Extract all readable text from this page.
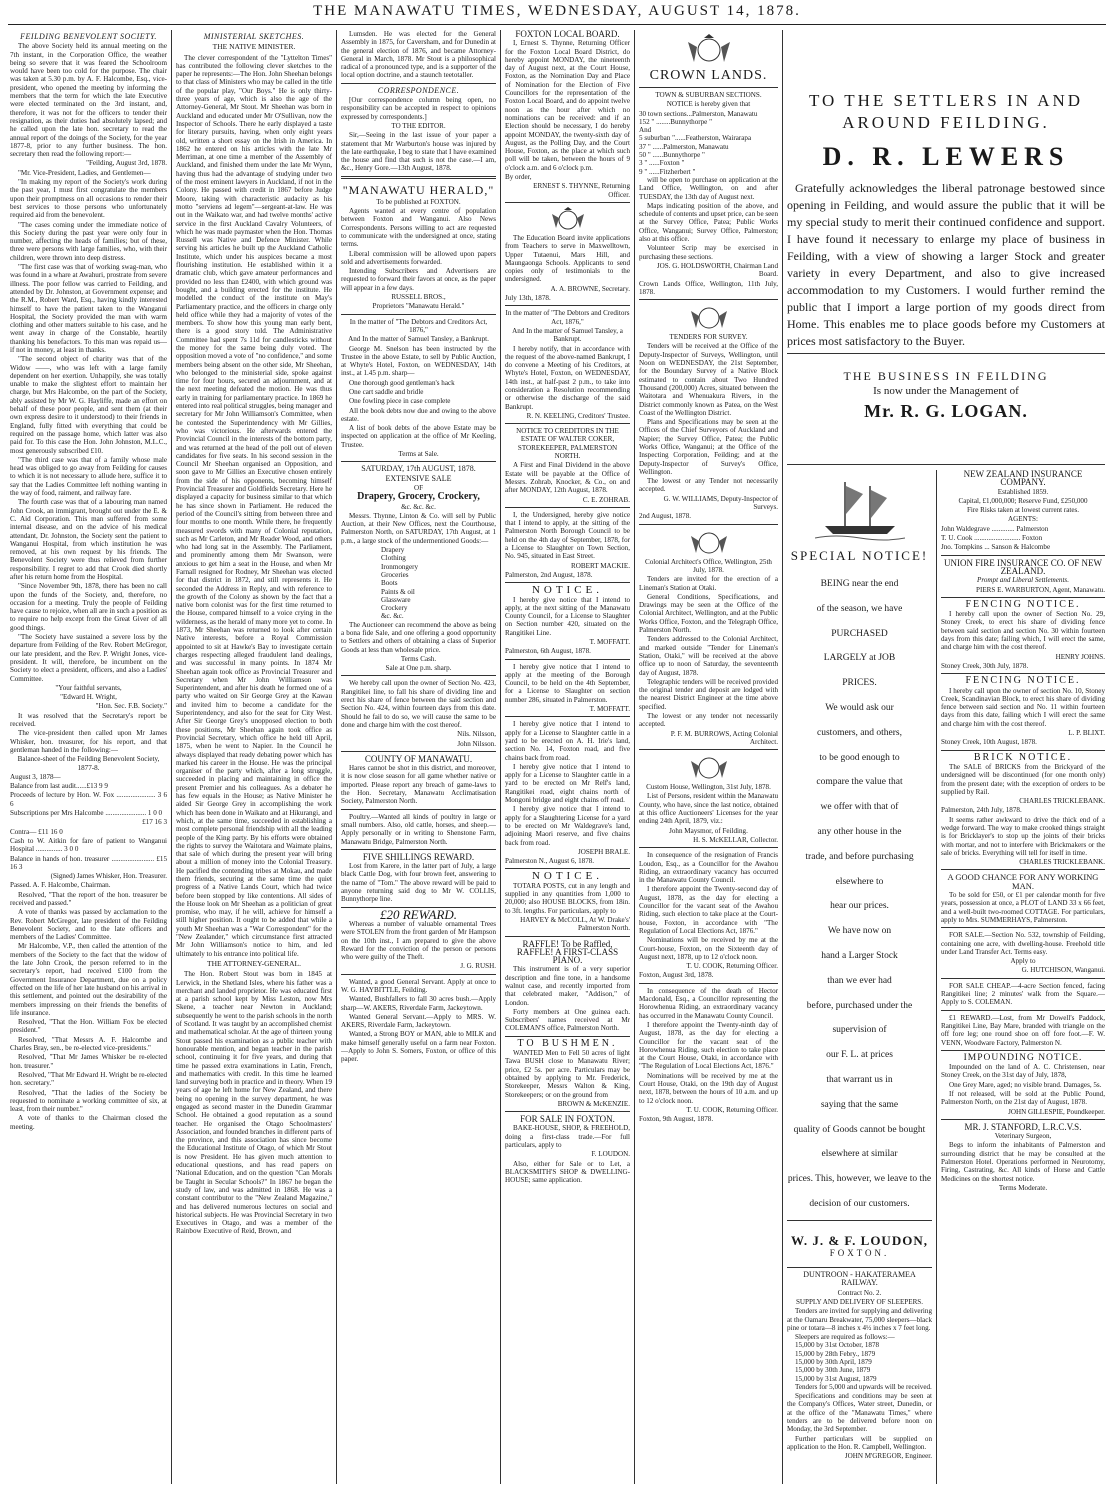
THE MANAWATU TIMES, WEDNESDAY, AUGUST 14, 1878.
FEILDING BENEVOLENT SOCIETY.

The above Society held its annual meeting on the 7th instant, in the Corporation Office, the weather being so severe that it was feared the Schoolroom would have been too cold for the purpose. The chair was taken at 5.30 p.m. by A. F. Halcombe, Esq., vice-president, who opened the meeting by informing the members that the term for which the late Executive were elected terminated on the 3rd instant, and, therefore, it was not for the officers to tender their resignation, as their duties had absolutely lapsed; and he called upon the late hon. secretary to read the annual report of the doings of the Society, for the year 1877-8, prior to any further business. The hon. secretary then read the following report:—

"Feilding, August 3rd, 1878.

"Mr. Vice-President, Ladies, and Gentlemen—

"In making my report of the Society's work during the past year, I must first congratulate the members upon their promptness on all occasions to render their best services to those persons who unfortunately required aid from the benevolent.

"The cases coming under the immediate notice of this Society during the past year were only four in number, affecting the heads of families; but of these, three were persons with large families, who, with their children, were thrown into deep distress.

"The first case was that of working swag-man, who was found in a whare at Awahuri, prostrate from severe illness. The poor fellow was carried to Feilding, and attended by Dr. Johnston, at Government expense; and the R.M., Robert Ward, Esq., having kindly interested himself to have the patient taken to the Wanganui Hospital, the Society provided the man with warm clothing and other matters suitable to his case, and he went away in charge of the Constable, heartily thanking his benefactors. To this man was repaid us—if not in money, at least in thanks.

"The second object of charity was that of the Widow ——, who was left with a large family dependent on her exertion. Unhappily, she was totally unable to make the slightest effort to maintain her charge, but Mrs Halcombe, on the part of the Society, ably assisted by Mr W. G. Hayliffe, made an effort on behalf of these poor people, and sent them (at their own express desire to it understood) to their friends in England, fully fitted with everything that could be required on the passage home, which latter was also paid for. To this case the Hon. John Johnston, M.L.C., most generously subscribed £10.

"The third case was that of a family whose male head was obliged to go away from Feilding for causes to which it is not necessary to allude here, suffice it to say that the Ladies Committee left nothing wanting in the way of food, raiment, and railway fare.

The fourth case was that of a labouring man named John Crook, an immigrant, brought out under the E. & C. Aid Corporation. This man suffered from some internal disease, and on the advice of his medical attendant, Dr. Johnston, the Society sent the patient to Wanganui Hospital, from which institution he was removed, at his own request by his friends. The Benevolent Society were thus relieved from further responsibility. I regret to add that Crook died shortly after his return home from the Hospital.

"Since November 9th, 1878, there has been no call upon the funds of the Society, and, therefore, no occasion for a meeting. Truly the people of Feilding have cause to rejoice, when all are in such a position as to require no help except from the Great Giver of all good things.

"The Society have sustained a severe loss by the departure from Feilding of the Rev. Robert McGregor, our late president, and the Rev. P. Wright Jones, vice-president. It will, therefore, be incumbent on the Society to elect a president, officers, and also a Ladies' Committee.

"Your faithful servants,

"Edward H. Wright,

"Hon. Sec. F.B. Society."

It was resolved that the Secretary's report be received.

The vice-president then called upon Mr James Whisker, hon. treasurer, for his report, and that gentleman handed in the following:—

Balance-sheet of the Feilding Benevolent Society, 1877-8.

August 3, 1878—

Balance from last audit......£13 9 9

Proceeds of lecture by Hon. W. Fox ...................... 3 6 6

Subscriptions per Mrs Halcombe ....................... 1 0 0

£17 16 3

Contra— £11 16 0

Cash to W. Aitkin for fare of patient to Wanganui Hospital ............... 3 0 0

Balance in hands of hon. treasurer ........................ £15 16 3

(Signed) James Whisker, Hon. Treasurer.

Passed. A. F. Halcombe, Chairman.

Resolved, "That the report of the hon. treasurer be received and passed."

A vote of thanks was passed by acclamation to the Rev. Robert McGregor, late president of the Feilding Benevolent Society, and to the late officers and members of the Ladies' Committee.

Mr Halcombe, V.P., then called the attention of the members of the Society to the fact that the widow of the late John Crook, the person referred to in the secretary's report, had received £100 from the Government Insurance Department, due on a policy effected on the life of her late husband on his arrival in this settlement, and pointed out the desirability of the members impressing on their friends the benefits of life insurance.

Resolved, "That the Hon. William Fox be elected president."

Resolved, "That Messrs A. F. Halcombe and Charles Bray, sen., be re-elected vice-presidents."

Resolved, "That Mr James Whisker be re-elected hon. treasurer."

Resolved, "That Mr Edward H. Wright be re-elected hon. secretary."

Resolved, "That the ladies of the Society be requested to nominate a working committee of six, at least, from their number."

A vote of thanks to the Chairman closed the meeting.

MINISTERIAL SKETCHES.
THE NATIVE MINISTER.

The clever correspondent of the "Lyttelton Times" has contributed the following clever sketches to the paper he represents:—The Hon. John Sheehan belongs to that class of Ministers who may be called in the title of the popular play, "Our Boys." He is only thirty-three years of age, which is also the age of the Attorney-General, Mr Stout. Mr Sheehan was born in Auckland and educated under Mr O'Sullivan, now the Inspector of Schools. There he early displayed a taste for literary pursuits, having, when only eight years old, written a short essay on the Irish in America. In 1862 he entered on his articles with the late Mr Merriman, at one time a member of the Assembly of Auckland, and finished them under the late Mr Wynn, having thus had the advantage of studying under two of the most eminent lawyers in Auckland, if not in the Colony. He passed with credit in 1867 before Judge Moore, taking with characteristic audacity as his motto "serviens ad legem"—sergeant-at-law. He was out in the Waikato war, and had twelve months' active service in the first Auckland Cavalry Volunteers, of which he was made paymaster when the Hon. Thomas Russell was Native and Defence Minister. While serving his articles he built up the Auckland Catholic Institute, which under his auspices became a most flourishing institution. He established within it a dramatic club, which gave amateur performances and provided no less than £2400, with which ground was bought, and a building erected for the institute. He modelled the conduct of the institute on May's Parliamentary practice, and the officers in charge only held office while they had a majority of votes of the members. To show how this young man early bent, there is a good story told. The Administrative Committee had spent 7s 11d for candlesticks without the money for the same being duly voted. The opposition moved a vote of "no confidence," and some members being absent on the other side, Mr Sheehan, who belonged to the ministerial side, spoke against time for four hours, secured an adjournment, and at the next meeting defeated the motion. He was thus early in training for parliamentary practice. In 1869 he entered into real political struggles, being manager and secretary for Mr John Williamson's Committee, when he contested the Superintendency with Mr Gillies, who was victorious. He afterwards entered the Provincial Council in the interests of the bottom party, and was returned at the head of the poll out of eleven candidates for five seats. In his second session in the Council Mr Sheehan organised an Opposition, and soon gave to Mr Gillies an Executive chosen entirely from the side of his opponents, becoming himself Provincial Treasurer and Goldfields Secretary. Here he displayed a capacity for business similar to that which he has since shown in Parliament. He reduced the period of the Council's sitting from between three and four months to one month. While there, he frequently measured swords with many of Colonial reputation, such as Mr Carleton, and Mr Reader Wood, and others who had long sat in the Assembly. The Parliament, and prominently among them Mr Swanson, were anxious to get him a seat in the House, and when Mr Farnall resigned for Rodney, Mr Sheehan was elected for that district in 1872, and still represents it. He seconded the Address in Reply, and with reference to the growth of the Colony as shown by the fact that a native born colonist was for the first time returned to the House, compared himself to a voice crying in the wilderness, as the herald of many more yet to come. In 1873, Mr Sheehan was returned to look after certain Native interests, before a Royal Commission appointed to sit at Hawke's Bay to investigate certain charges respecting alleged fraudulent land dealings, and was successful in many points. In 1874 Mr Sheehan again took office as Provincial Treasurer and Secretary when Mr John Williamson was Superintendent, and after his death he formed one of a party who waited on Sir George Grey at the Kawau and invited him to become a candidate for the Superintendency, and also for the seat for City West. After Sir George Grey's unopposed election to both these positions, Mr Sheehan again took office as Provincial Secretary, which office he held till April, 1875, when he went to Napier. In the Council he always displayed that ready debating power which has marked his career in the House. He was the principal organiser of the party which, after a long struggle, succeeded in placing and maintaining in office the present Premier and his colleagues. As a debater he has few equals in the House; as Native Minister he aided Sir George Grey in accomplishing the work which has been done in Waikato and at Hikurangi, and which, at the same time, succeeded in establishing a most complete personal friendship with all the leading people of the King party. By his efforts were obtained the rights to survey the Waitotara and Waimate plains, that sale of which during the present year will bring about a million of money into the Colonial Treasury. He pacified the contending tribes at Mokau, and made them friends, securing at the same time the quiet progress of a Native Lands Court, which had twice before been stopped by like contentions. All sides of the House look on Mr Sheehan as a politician of great promise, who may, if he will, achieve for himself a still higher position. It ought to be added that while a youth Mr Sheehan was a "War Correspondent" for the "New Zealander," which circumstance first attracted Mr John Williamson's notice to him, and led ultimately to his entrance into political life.

THE ATTORNEY-GENERAL.

The Hon. Robert Stout was born in 1845 at Lerwick, in the Shetland Isles, where his father was a merchant and landed proprietor. He was educated first at a parish school kept by Miss Leston, now Mrs Skene, a teacher near Newton in Auckland; subsequently he went to the parish schools in the north of Scotland. It was taught by an accomplished chemist and mathematical scholar. At the age of thirteen young Stout passed his examination as a public teacher with honourable mention, and began teacher in the parish school, continuing it for five years, and during that time he passed extra examinations in Latin, French, and mathematics with credit. In this time he learned land surveying both in practice and in theory. When 19 years of age he left home for New Zealand, and there being no opening in the survey department, he was engaged as second master in the Dunedin Grammar School. He obtained a good reputation as a sound teacher. He organised the Otago Schoolmasters' Association, and founded branches in different parts of the province, and this association has since become the Educational Institute of Otago, of which Mr Stout is now President. He has given much attention to educational questions, and has read papers on 'National Education, and on the question "Can Morals be Taught in Secular Schools?" In 1867 he began the study of law, and was admitted in 1868. He was a constant contributor to the "New Zealand Magazine," and has delivered numerous lectures on social and historical subjects. He was Provincial Secretary in two Executives in Otago, and was a member of the Rainbow Executive of Reid, Brown, and

Lumsden. He was elected for the General Assembly in 1875, for Caversham, and for Dunedin at the general election of 1876, and became Attorney-General in March, 1878. Mr Stout is a philosophical radical of a pronounced type, and is a supporter of the local option doctrine, and a staunch teetotaller.

CORRESPONDENCE.

[Our correspondence column being open, no responsibility can be accepted in respect to opinions expressed by correspondents.]

TO THE EDITOR.

Sir,—Seeing in the last issue of your paper a statement that Mr Warburton's house was injured by the late earthquake, I beg to state that I have examined the house and find that such is not the case.—I am, &c., Henry Gore.—13th August, 1878.

"MANAWATU HERALD,"

To be published at FOXTON.

Agents wanted at every centre of population between Foxton and Wanganui. Also News Correspondents. Persons willing to act are requested to communicate with the undersigned at once, stating terms.

Liberal commission will be allowed upon papers sold and advertisements forwarded.

Intending Subscribers and Advertisers are requested to forward their favors at once, as the paper will appear in a few days.

RUSSELL BROS.,

Proprietors "Manawatu Herald."

In the matter of "The Debtors and Creditors Act, 1876,"

And In the matter of Samuel Tansley, a Bankrupt.

George M. Snelson has been instructed by the Trustee in the above Estate, to sell by Public Auction, at Whyte's Hotel, Foxton, on WEDNESDAY, 14th inst., at 1.45 p.m. sharp—

One thorough good gentleman's hack

One cart saddle and bridle

One fowling piece in case complete

All the book debts now due and owing to the above estate.

A list of book debts of the above Estate may be inspected on application at the office of Mr Keeling, Trustee.

Terms at Sale.

SATURDAY, 17th AUGUST, 1878.

EXTENSIVE SALE

OF

Drapery, Grocery, Crockery,

&c. &c. &c.

Messrs. Thynne, Linton & Co. will sell by Public Auction, at their New Offices, next the Courthouse, Palmerston North, on SATURDAY, 17th August, at 1 p.m., a large stock of the undermentioned Goods:—

Drapery
Clothing
Ironmongery
Groceries
Boots
Paints & oil
Glassware
Crockery
&c. &c.

The Auctioneer can recommend the above as being a bona fide Sale, and one offering a good opportunity to Settlers and others of obtaining a class of Superior Goods at less than wholesale price.

Terms Cash.

Sale at One p.m. sharp.

We hereby call upon the owner of Section No. 423, Rangitikei line, to fall his share of dividing line and erect his share of fence between the said section and Section No. 424, within fourteen days from this date. Should he fail to do so, we will cause the same to be done and charge him with the cost thereof.

Nils. Nilsson,

John Nilsson.

COUNTY OF MANAWATU.

Hares cannot be shot in this district, and moreover, it is now close season for all game whether native or imported. Please report any breach of game-laws to the Hon. Secretary, Manawatu Acclimatisation Society, Palmerston North.

Poultry.—Wanted all kinds of poultry in large or small numbers. Also, old cattle, horses, and sheep.—Apply personally or in writing to Shenstone Farm, Manawatu Bridge, Palmerston North.

FIVE SHILLINGS REWARD.

Lost from Karere, in the latter part of July, a large black Cattle Dog, with four brown feet, answering to the name of "Tom." The above reward will be paid to anyone returning said dog to Mr W. COLLIS, Bunnythorpe line.

£20 REWARD.

Whereas a number of valuable ornamental Trees were STOLEN from the front garden of Mr Hampson on the 10th inst., I am prepared to give the above Reward for the conviction of the person or persons who were guilty of the Theft.

J. G. RUSH.

Wanted, a good General Servant. Apply at once to W. G. HAYBITTLE, Feilding.

Wanted, Bushfallers to fall 30 acres bush.—Apply sharp—W. AKERS, Riverdale Farm, Jackeytown.

Wanted General Servant.—Apply to MRS. W. AKERS, Riverdale Farm, Jackeytown.

Wanted, a Strong BOY or MAN, able to MILK and make himself generally useful on a farm near Foxton.—Apply to John S. Somers, Foxton, or office of this paper.

FOXTON LOCAL BOARD.

I, Ernest S. Thynne, Returning Officer for the Foxton Local Board District, do hereby appoint MONDAY, the nineteenth day of August next, at the Court House, Foxton, as the Nomination Day and Place of Nomination for the Election of Five Councillors for the representation of the Foxton Local Board, and do appoint twelve noon as the hour after which no nominations can be received: and if an Election should be necessary, I do hereby appoint MONDAY, the twenty-sixth day of August, as the Polling Day, and the Court House, Foxton, as the place at which such poll will be taken, between the hours of 9 o'clock a.m. and 6 o'clock p.m.

By order,

ERNEST S. THYNNE, Returning Officer.

The Education Board invite applications from Teachers to serve in Maxwelltown, Upper Tutaenui, Mars Hill, and Maungaonga Schools. Applicants to send copies only of testimonials to the undersigned.

A. A. BROWNE, Secretary.

July 13th, 1878.

In the matter of "The Debtors and Creditors Act, 1876,"

And In the matter of Samuel Tansley, a Bankrupt.

I hereby notify, that in accordance with the request of the above-named Bankrupt, I do convene a Meeting of his Creditors, at Whyte's Hotel, Foxton, on WEDNESDAY, 14th inst., at half-past 2 p.m., to take into consideration a Resolution recommending or otherwise the discharge of the said Bankrupt.

R. N. KEELING, Creditors' Trustee.

NOTICE TO CREDITORS IN THE ESTATE OF WALTER COKER, STOREKEEPER, PALMERSTON NORTH.

A First and Final Dividend in the above Estate will be payable at the Office of Messrs. Zohrab, Knocker, & Co., on and after MONDAY, 12th August, 1878.

C. E. ZOHRAB.

I, the Undersigned, hereby give notice that I intend to apply, at the sitting of the Palmerston North Borough Council to be held on the 4th day of September, 1878, for a License to Slaughter on Town Section, No. 945, situated in East Street.

ROBERT MACKIE.

Palmerston, 2nd August, 1878.

NOTICE.

I hereby give notice that I intend to apply, at the next sitting of the Manawatu County Council, for a License to Slaughter on Section number 420, situated on the Rangitikei Line.

T. MOFFATT.

Palmerston, 6th August, 1878.

I hereby give notice that I intend to apply at the meeting of the Borough Council, to be held on the 4th September, for a License to Slaughter on section number 286, situated in Palmerston.

T. MOFFATT.

I hereby give notice that I intend to apply for a License to Slaughter cattle in a yard to be erected on A. H. Irie's land, section No. 14, Foxton road, and five chains back from road.

I hereby give notice that I intend to apply for a License to Slaughter cattle in a yard to be erected on Mr Relf's land, Rangitikei road, eight chains north of Mongoni bridge and eight chains off road.

I hereby give notice that I intend to apply for a Slaughtering License for a yard to be erected on Mr Waldegrave's land, adjoining Maori reserve, and five chains back from road.

JOSEPH BRALE.

Palmerston N., August 6, 1878.

NOTICE.

TOTARA POSTS, cut in any length and supplied in any quantities from 1,000 to 20,000; also HOUSE BLOCKS, from 18in. to 3ft. lengths. For particulars, apply to

HARVEY & McCOLL, At W. Drake's' Palmerston North.

RAFFLE! To be Raffled, RAFFLE! A FIRST-CLASS PIANO.

This instrument is of a very superior description and fine tone, in a handsome walnut case, and recently imported from that celebrated maker, "Addison," of London.

Forty members at One guinea each. Subscribers' names received at Mr COLEMAN'S office, Palmerston North.

TO BUSHMEN.

WANTED Men to Fell 50 acres of light Tawa BUSH close to Manawatu River; price, £2 5s. per acre. Particulars may be obtained by applying to Mr. Frederick, Storekeeper, Messrs Walton & King, Storekeepers; or on the ground from

BROWN & McKENZIE.

FOR SALE IN FOXTON.

BAKE-HOUSE, SHOP, & FREEHOLD, doing a first-class trade.—For full particulars, apply to

F. LOUDON.

Also, either for Sale or to Let, a BLACKSMITH'S SHOP & DWELLING-HOUSE; same application.

CROWN LANDS.

TOWN & SUBURBAN SECTIONS.

NOTICE is hereby given that

30 town sections...Palmerston, Manawatu
152 " ........Bunnythorpe "
And
5 suburban "......Featherston, Wairarapa
37 " ......Palmerston, Manawatu
50 " ......Bunnythorpe "
3 " ......Foxton "
9 " ......Fitzherbert "

will be open to purchase on application at the Land Office, Wellington, on and after TUESDAY, the 13th day of August next.

Maps indicating position of the above, and schedule of contents and upset price, can be seen at the Survey Office, Patea; Public Works Office, Wanganui; Survey Office, Palmerston; also at this office.

Volunteer Scrip may be exercised in purchasing these sections.

JOS. G. HOLDSWORTH, Chairman Land Board.

Crown Lands Office, Wellington, 11th July, 1878.

TENDERS FOR SURVEY.

Tenders will be received at the Office of the Deputy-Inspector of Surveys, Wellington, until Noon on WEDNESDAY, the 21st September, for the Boundary Survey of a Native Block estimated to contain about Two Hundred Thousand (200,000) Acres, situated between the Waitotara and Whenuakura Rivers, in the District commonly known as Patea, on the West Coast of the Wellington District.

Plans and Specifications may be seen at the Offices of the Chief Surveyors of Auckland and Napier; the Survey Office, Patea; the Public Works Office, Wanganui; at the Office of the Inspecting Corporation, Feilding; and at the Deputy-Inspector of Survey's Office, Wellington.

The lowest or any Tender not necessarily accepted.

G. W. WILLIAMS, Deputy-Inspector of Surveys.

2nd August, 1878.

Colonial Architect's Office, Wellington, 25th July, 1878.

Tenders are invited for the erection of a Lineman's Station at Otaki.

General Conditions, Specifications, and Drawings may be seen at the Office of the Colonial Architect, Wellington, and at the Public Works Office, Foxton, and the Telegraph Office, Palmerston North.

Tenders addressed to the Colonial Architect, and marked outside "Tender for Lineman's Station, Otaki," will be received at the above office up to noon of Saturday, the seventeenth day of August, 1878.

Telegraphic tenders will be received provided the original tender and deposit are lodged with the nearest District Engineer at the time above specified.

The lowest or any tender not necessarily accepted.

P. F. M. BURROWS, Acting Colonial Architect.

Custom House, Wellington, 31st July, 1878.

List of Persons, resident within the Manawatu County, who have, since the last notice, obtained at this office Auctioneers' Licenses for the year ending 24th April, 1879, viz.:

John Maysmor, of Feilding.

H. S. McKELLAR, Collector.

In consequence of the resignation of Francis Loudon, Esq., as a Councillor for the Awahou Riding, an extraordinary vacancy has occurred in the Manawatu County Council.

I therefore appoint the Twenty-second day of August, 1878, as the day for electing a Councillor for the vacant seat of the Awahou Riding, such election to take place at the Court-house, Foxton, in accordance with "The Regulation of Local Elections Act, 1876."

Nominations will be received by me at the Court-house, Foxton, on the Sixteenth day of August next, 1878, up to 12 o'clock noon.

T. U. COOK, Returning Officer.

Foxton, August 3rd, 1878.

In consequence of the death of Hector Macdonald, Esq., a Councillor representing the Horowhenua Riding, an extraordinary vacancy has occurred in the Manawatu County Council.

I therefore appoint the Twenty-ninth day of August, 1878, as the day for electing a Councillor for the vacant seat of the Horowhenua Riding, such election to take place at the Court House, Otaki, in accordance with "The Regulation of Local Elections Act, 1876."

Nominations will be received by me at the Court House, Otaki, on the 19th day of August next, 1878, between the hours of 10 a.m. and up to 12 o'clock noon.

T. U. COOK, Returning Officer.

Foxton, 9th August, 1878.

TO THE SETTLERS IN AND AROUND FEILDING.
D. R. LEWERS

Gratefully acknowledges the liberal patronage bestowed since opening in Feilding, and would assure the public that it will be my special study to merit their continued confidence and support. I have found it necessary to enlarge my place of business in Feilding, with a view of showing a larger Stock and greater variety in every Department, and also to give increased accommodation to my Customers. I would further remind the public that I import a large portion of my goods direct from Home. This enables me to place goods before my Customers at prices most satisfactory to the Buyer.

THE BUSINESS IN FEILDING

Is now under the Management of

Mr. R. G. LOGAN.
SPECIAL NOTICE!
BEING near the end
of the season, we have
PURCHASED
LARGELY at JOB
PRICES.
We would ask our
customers, and others,
to be good enough to
compare the value that
we offer with that of
any other house in the
trade, and before purchasing elsewhere to
hear our prices.
We have now on
hand a Larger Stock
than we ever had
before, purchased under the supervision of
our F. L. at prices
that warrant us in
saying that the same
quality of Goods cannot be bought elsewhere at similar
prices. This, however, we leave to the
decision of our customers.
W. J. & F. LOUDON,

FOXTON.

DUNTROON - HAKATERAMEA RAILWAY.

Contract No. 2.

SUPPLY AND DELIVERY OF SLEEPERS.

Tenders are invited for supplying and delivering at the Oamaru Breakwater, 75,000 sleepers—black pine or totara—8 inches x 4½ inches x 7 feet long.

Sleepers are required as follows:—
15,000 by 31st October, 1878
15,000 by 28th Febry., 1879
15,000 by 30th April, 1879
15,000 by 30th June, 1879
15,000 by 31st August, 1879

Tenders for 5,000 and upwards will be received.

Specifications and conditions may be seen at the Company's Offices, Water street, Dunedin, or at the office of the "Manawatu Times," where tenders are to be delivered before noon on Monday, the 3rd September.

Further particulars will be supplied on application to the Hon. R. Campbell, Wellington.

JOHN M'GREGOR, Engineer.

NEW ZEALAND INSURANCE COMPANY.

Established 1859.

Capital, £1,000,000; Reserve Fund, £250,000

Fire Risks taken at lowest current rates.

AGENTS:

John Waldegrave ............. Palmerston

T. U. Cook .......................... Foxton

Jno. Tompkins ... Sanson & Halcombe

UNION FIRE INSURANCE CO. OF NEW ZEALAND.

Prompt and Liberal Settlements.

PIERS E. WARBURTON, Agent, Manawatu.

FENCING NOTICE.

I hereby call upon the owner of Section No. 29, Stoney Creek, to erect his share of dividing fence between said section and section No. 30 within fourteen days from this date; failing which, I will erect the same, and charge him with the cost thereof.

HENRY JOHNS.

Stoney Creek, 30th July, 1878.

FENCING NOTICE.

I hereby call upon the owner of section No. 10, Stoney Creek, Scandinavian Block, to erect his share of dividing fence between said section and No. 11 within fourteen days from this date, failing which I will erect the same and charge him with the cost thereof.

L. P. BLIXT.

Stoney Creek, 10th August, 1878.

BRICK NOTICE.

The SALE of BRICKS from the Brickyard of the undersigned will be discontinued (for one month only) from the present date; with the exception of orders to be supplied by Rail.

CHARLES TRICKLEBANK.

Palmerston, 24th July, 1878.

It seems rather awkward to drive the thick end of a wedge forward. The way to make crooked things straight is for Bricklayer's to stop up the joints of their bricks with mortar, and not to interfere with Brickmakers or the sale of bricks. Everything will tell for itself in time.

CHARLES TRICKLEBANK.

A GOOD CHANCE FOR ANY WORKING MAN.

To be sold for £50, or £1 per calendar month for five years, possession at once, a PLOT of LAND 33 x 66 feet, and a well-built two-roomed COTTAGE. For particulars, apply to Mrs. SUMMERHAYS, Palmerston.

FOR SALE.—Section No. 532, township of Feilding, containing one acre, with dwelling-house. Freehold title under Land Transfer Act. Terms easy.

Apply to

G. HUTCHISON, Wanganui.

FOR SALE CHEAP.—4-acre Section fenced, facing Rangitikei line; 2 minutes' walk from the Square.—Apply to S. COLEMAN.

£1 REWARD.—Lost, from Mr Dowell's Paddock, Rangitikei Line, Bay Mare, branded with triangle on the off fore leg; one round shoe on off fore foot.—F. W. VENN, Woodware Factory, Palmerston N.

IMPOUNDING NOTICE.

Impounded on the land of A. C. Christensen, near Stoney Creek, on the 31st day of July, 1878,

One Grey Mare, aged; no visible brand. Damages, 5s.

If not released, will be sold at the Public Pound, Palmerston North, on the 21st day of August, 1878.

JOHN GILLESPIE, Poundkeeper.

MR. J. STANFORD, L.R.C.V.S.

Veterinary Surgeon,

Begs to inform the inhabitants of Palmerston and surrounding district that he may be consulted at the Palmerston Hotel. Operations performed in Neurotomy, Firing, Castrating, &c. All kinds of Horse and Cattle Medicines on the shortest notice.

Terms Moderate.
